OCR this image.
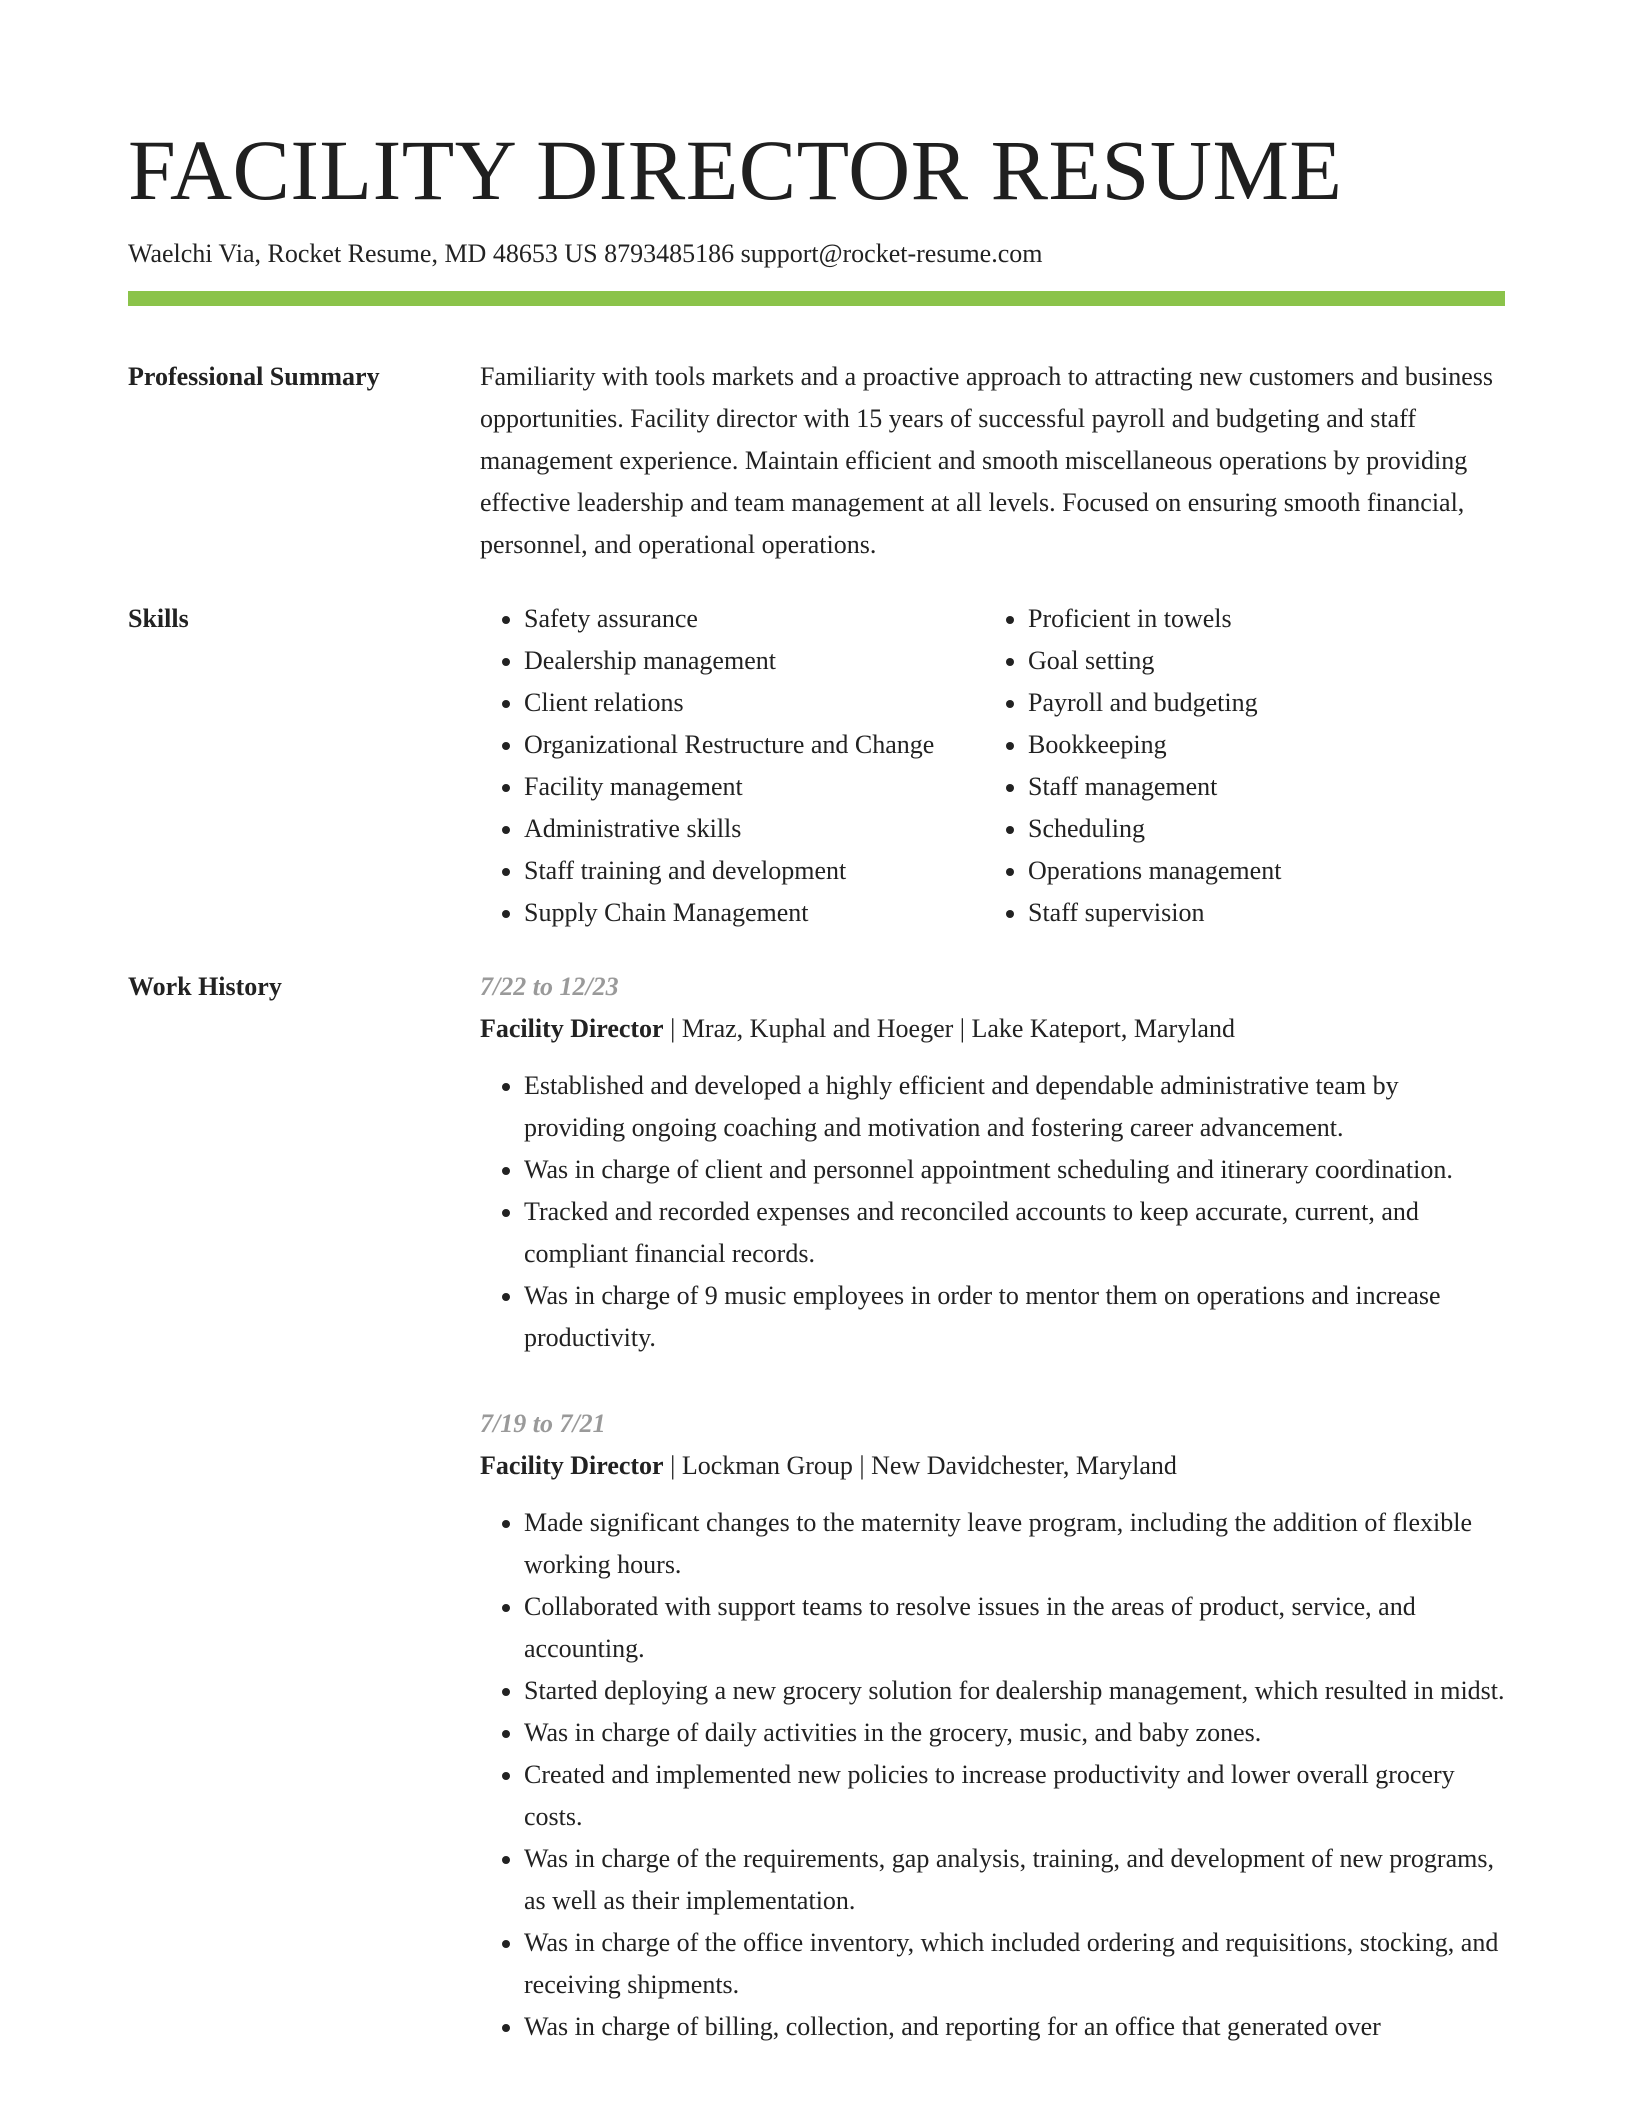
FACILITY DIRECTOR RESUME
Waelchi Via, Rocket Resume, MD 48653 US 8793485186 support@rocket-resume.com
Professional Summary	Familiarity with tools markets and a proactive approach to attracting new customers and business opportunities. Facility director with 15 years of successful payroll and budgeting and staff management experience. Maintain efficient and smooth miscellaneous operations by providing effective leadership and team management at all levels. Focused on ensuring smooth financial, personnel, and operational operations.

Skills
•	Safety assurance
• Dealership management
• Client relations
• Organizational Restructure and Change
• Facility management
• Administrative skills
• Staff training and development
• Supply Chain Management
• Proficient in towels
• Goal setting
• Payroll and budgeting
• Bookkeeping
• Staff management
• Scheduling
• Operations management
• Staff supervision
Work History	7/22 to 12/23
Facility Director | Mraz, Kuphal and Hoeger | Lake Kateport, Maryland
• Established and developed a highly efficient and dependable administrative team by providing ongoing coaching and motivation and fostering career advancement.
• Was in charge of client and personnel appointment scheduling and itinerary coordination.
• Tracked and recorded expenses and reconciled accounts to keep accurate, current, and compliant financial records.
• Was in charge of 9 music employees in order to mentor them on operations and increase productivity.
7/19 to 7/21
Facility Director | Lockman Group | New Davidchester, Maryland
• Made significant changes to the maternity leave program, including the addition of flexible working hours.
• Collaborated with support teams to resolve issues in the areas of product, service, and accounting.
• Started deploying a new grocery solution for dealership management, which resulted in midst.
• Was in charge of daily activities in the grocery, music, and baby zones.
• Created and implemented new policies to increase productivity and lower overall grocery costs.
• Was in charge of the requirements, gap analysis, training, and development of new programs, as well as their implementation.
• Was in charge of the office inventory, which included ordering and requisitions, stocking, and receiving shipments.
• Was in charge of billing, collection, and reporting for an office that generated over
